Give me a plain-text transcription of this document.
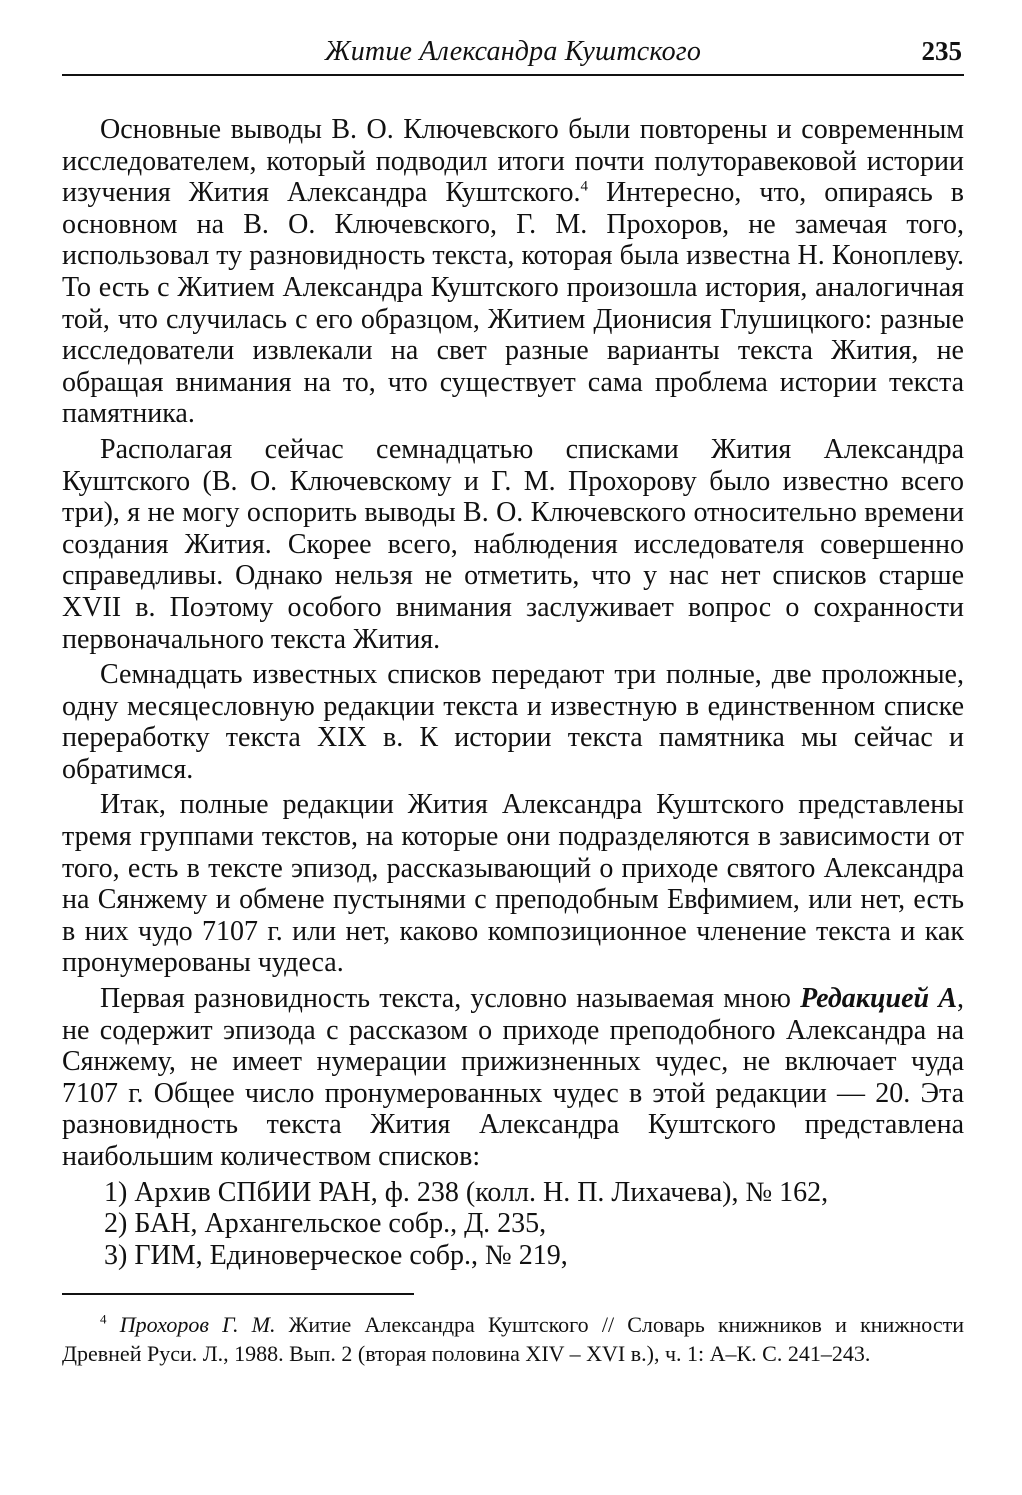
Житие Александра Куштского	235

Основные выводы В. О. Ключевского были повторены и современным исследователем, который подводил итоги почти полуторавековой истории изучения Жития Александра Куштского.$^4$ Интересно, что, опираясь в основном на В. О. Ключевского, Г. М. Прохоров, не замечая того, использовал ту разновидность текста, которая была известна Н. Коноплеву. То есть с Житием Александра Куштского произошла история, аналогичная той, что случилась с его образцом, Житием Дионисия Глушицкого: разные исследователи извлекали на свет разные варианты текста Жития, не обращая внимания на то, что существует сама проблема истории текста памятника.

Располагая сейчас семнадцатью списками Жития Александра Куштского (В. О. Ключевскому и Г. М. Прохорову было известно всего три), я не могу оспорить выводы В. О. Ключевского относительно времени создания Жития. Скорее всего, наблюдения исследователя совершенно справедливы. Однако нельзя не отметить, что у нас нет списков старше XVII в. Поэтому особого внимания заслуживает вопрос о сохранности первоначального текста Жития.

Семнадцать известных списков передают три полные, две проложные, одну месяцесловную редакции текста и известную в единственном списке переработку текста XIX в. К истории текста памятника мы сейчас и обратимся.

Итак, полные редакции Жития Александра Куштского представлены тремя группами текстов, на которые они подразделяются в зависимости от того, есть в тексте эпизод, рассказывающий о приходе святого Александра на Сянжему и обмене пустынями с преподобным Евфимием, или нет, есть в них чудо 7107 г. или нет, каково композиционное членение текста и как пронумерованы чудеса.

Первая разновидность текста, условно называемая мною Редакцией А, не содержит эпизода с рассказом о приходе преподобного Александра на Сянжему, не имеет нумерации прижизненных чудес, не включает чуда 7107 г. Общее число пронумерованных чудес в этой редакции — 20. Эта разновидность текста Жития Александра Куштского представлена наибольшим количеством списков:

1) Архив СПбИИ РАН, ф. 238 (колл. Н. П. Лихачева), № 162,
2) БАН, Архангельское собр., Д. 235,
3) ГИМ, Единоверческое собр., № 219,
$^4$ Прохоров Г. М. Житие Александра Куштского // Словарь книжников и книжности Древней Руси. Л., 1988. Вып. 2 (вторая половина XIV – XVI в.), ч. 1: А–К. С. 241–243.
